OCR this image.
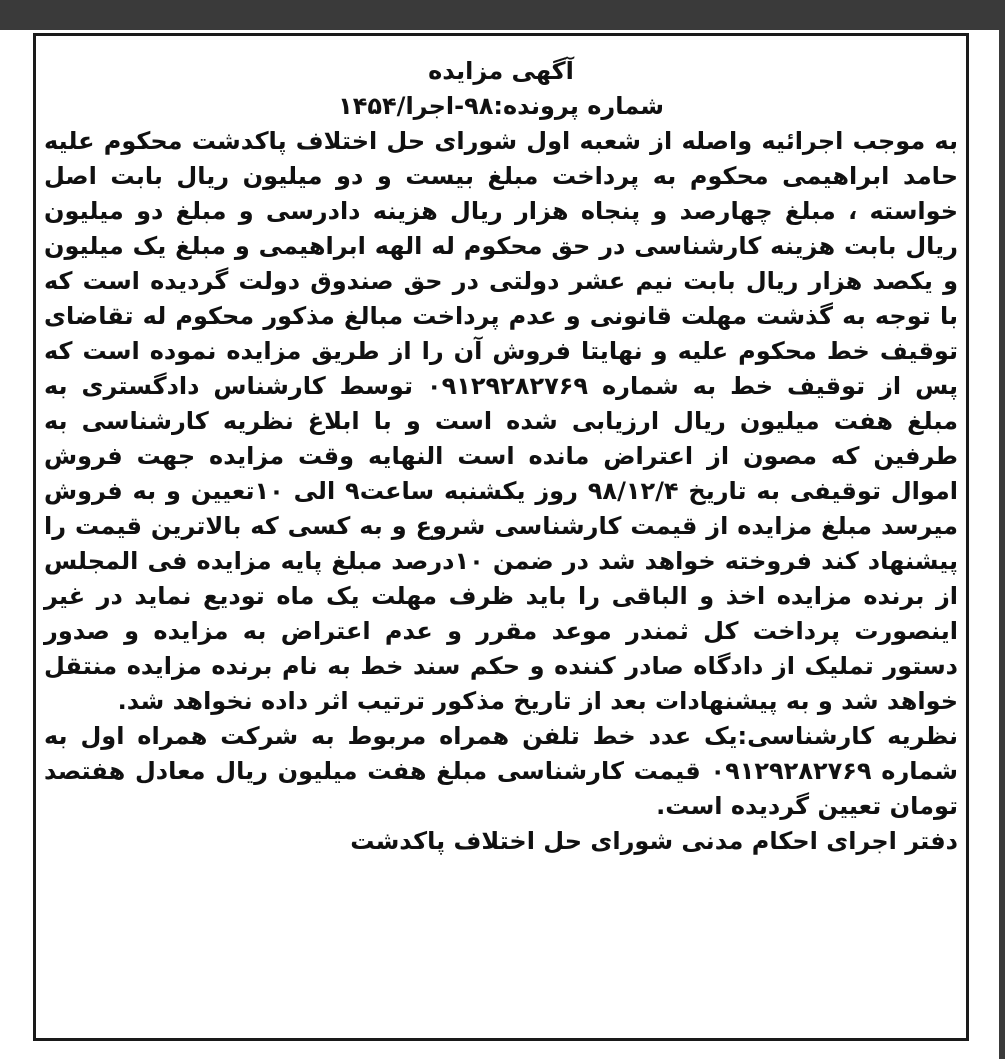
آگهی مزایده

شماره پرونده:۹۸-اجرا/۱۴۵۴

به موجب اجرائیه واصله از شعبه اول شورای حل اختلاف پاکدشت محکوم علیه حامد ابراهیمی محکوم به پرداخت مبلغ بیست و دو میلیون ریال بابت اصل خواسته ، مبلغ چهارصد و پنجاه هزار ریال هزینه دادرسی و مبلغ دو میلیون ریال بابت هزینه کارشناسی در حق محکوم له الهه ابراهیمی و مبلغ یک میلیون و یکصد هزار ریال بابت نیم عشر دولتی در حق صندوق دولت گردیده است که با توجه به گذشت مهلت قانونی و عدم پرداخت مبالغ مذکور محکوم له تقاضای توقیف خط محکوم علیه و نهایتا فروش آن را از طریق مزایده نموده است که پس از توقیف خط به شماره ۰۹۱۲۹۲۸۲۷۶۹ توسط کارشناس دادگستری به مبلغ هفت میلیون ریال ارزیابی شده است و با ابلاغ نظریه کارشناسی به طرفین که مصون از اعتراض مانده است النهایه وقت مزایده جهت فروش اموال توقیفی به تاریخ ۹۸/۱۲/۴ روز یکشنبه ساعت۹ الی ۱۰تعیین و به فروش میرسد مبلغ مزایده از قیمت کارشناسی شروع و به کسی که بالاترین قیمت را پیشنهاد کند فروخته خواهد شد در ضمن ۱۰درصد مبلغ پایه مزایده فی المجلس از برنده مزایده اخذ و الباقی را باید ظرف مهلت یک ماه تودیع نماید در غیر اینصورت پرداخت کل ثمندر موعد مقرر و عدم اعتراض به مزایده و صدور دستور تملیک از دادگاه صادر کننده و حکم سند خط به نام برنده مزایده منتقل خواهد شد و به پیشنهادات بعد از تاریخ مذکور ترتیب اثر داده نخواهد شد.

نظریه کارشناسی:یک عدد خط تلفن همراه مربوط به شرکت همراه اول به شماره ۰۹۱۲۹۲۸۲۷۶۹ قیمت کارشناسی مبلغ هفت میلیون ریال معادل هفتصد تومان تعیین گردیده است.

دفتر اجرای احکام مدنی شورای حل اختلاف پاکدشت
